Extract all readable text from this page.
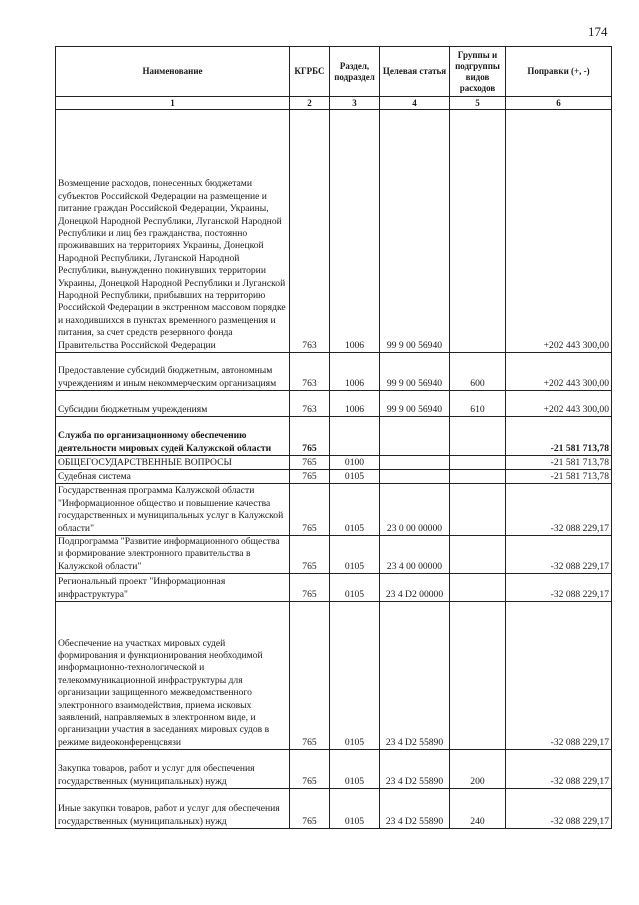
174
Наименование	КГРБС	Раздел, подраздел	Целевая статья	Группы и подгруппы видов расходов	Поправки (+, -)
1	2	3	4	5	6
Возмещение расходов, понесенных бюджетами субъектов Российской Федерации на размещение и питание граждан Российской Федерации, Украины, Донецкой Народной Республики, Луганской Народной Республики и лиц без гражданства, постоянно проживавших на территориях Украины, Донецкой Народной Республики, Луганской Народной Республики, вынужденно покинувших территории Украины, Донецкой Народной Республики и Луганской Народной Республики, прибывших на территорию Российской Федерации в экстренном массовом порядке и находившихся в пунктах временного размещения и питания, за счет средств резервного фонда Правительства Российской Федерации	763	1006	99 9 00 56940		+202 443 300,00
Предоставление субсидий бюджетным, автономным учреждениям и иным некоммерческим организациям	763	1006	99 9 00 56940	600	+202 443 300,00
Субсидии бюджетным учреждениям	763	1006	99 9 00 56940	610	+202 443 300,00
Служба по организационному обеспечению деятельности мировых судей Калужской области	765				-21 581 713,78
ОБЩЕГОСУДАРСТВЕННЫЕ ВОПРОСЫ	765	0100			-21 581 713,78
Судебная система	765	0105			-21 581 713,78
Государственная программа Калужской области "Информационное общество и повышение качества государственных и муниципальных услуг в Калужской области"	765	0105	23 0 00 00000		-32 088 229,17
Подпрограмма "Развитие информационного общества и формирование электронного правительства в Калужской области"	765	0105	23 4 00 00000		-32 088 229,17
Региональный проект "Информационная инфраструктура"	765	0105	23 4 D2 00000		-32 088 229,17
Обеспечение на участках мировых судей формирования и функционирования необходимой информационно-технологической и телекоммуникационной инфраструктуры для организации защищенного межведомственного электронного взаимодействия, приема исковых заявлений, направляемых в электронном виде, и организации участия в заседаниях мировых судов в режиме видеоконференцсвязи	765	0105	23 4 D2 55890		-32 088 229,17
Закупка товаров, работ и услуг для обеспечения государственных (муниципальных) нужд	765	0105	23 4 D2 55890	200	-32 088 229,17
Иные закупки товаров, работ и услуг для обеспечения государственных (муниципальных) нужд	765	0105	23 4 D2 55890	240	-32 088 229,17
